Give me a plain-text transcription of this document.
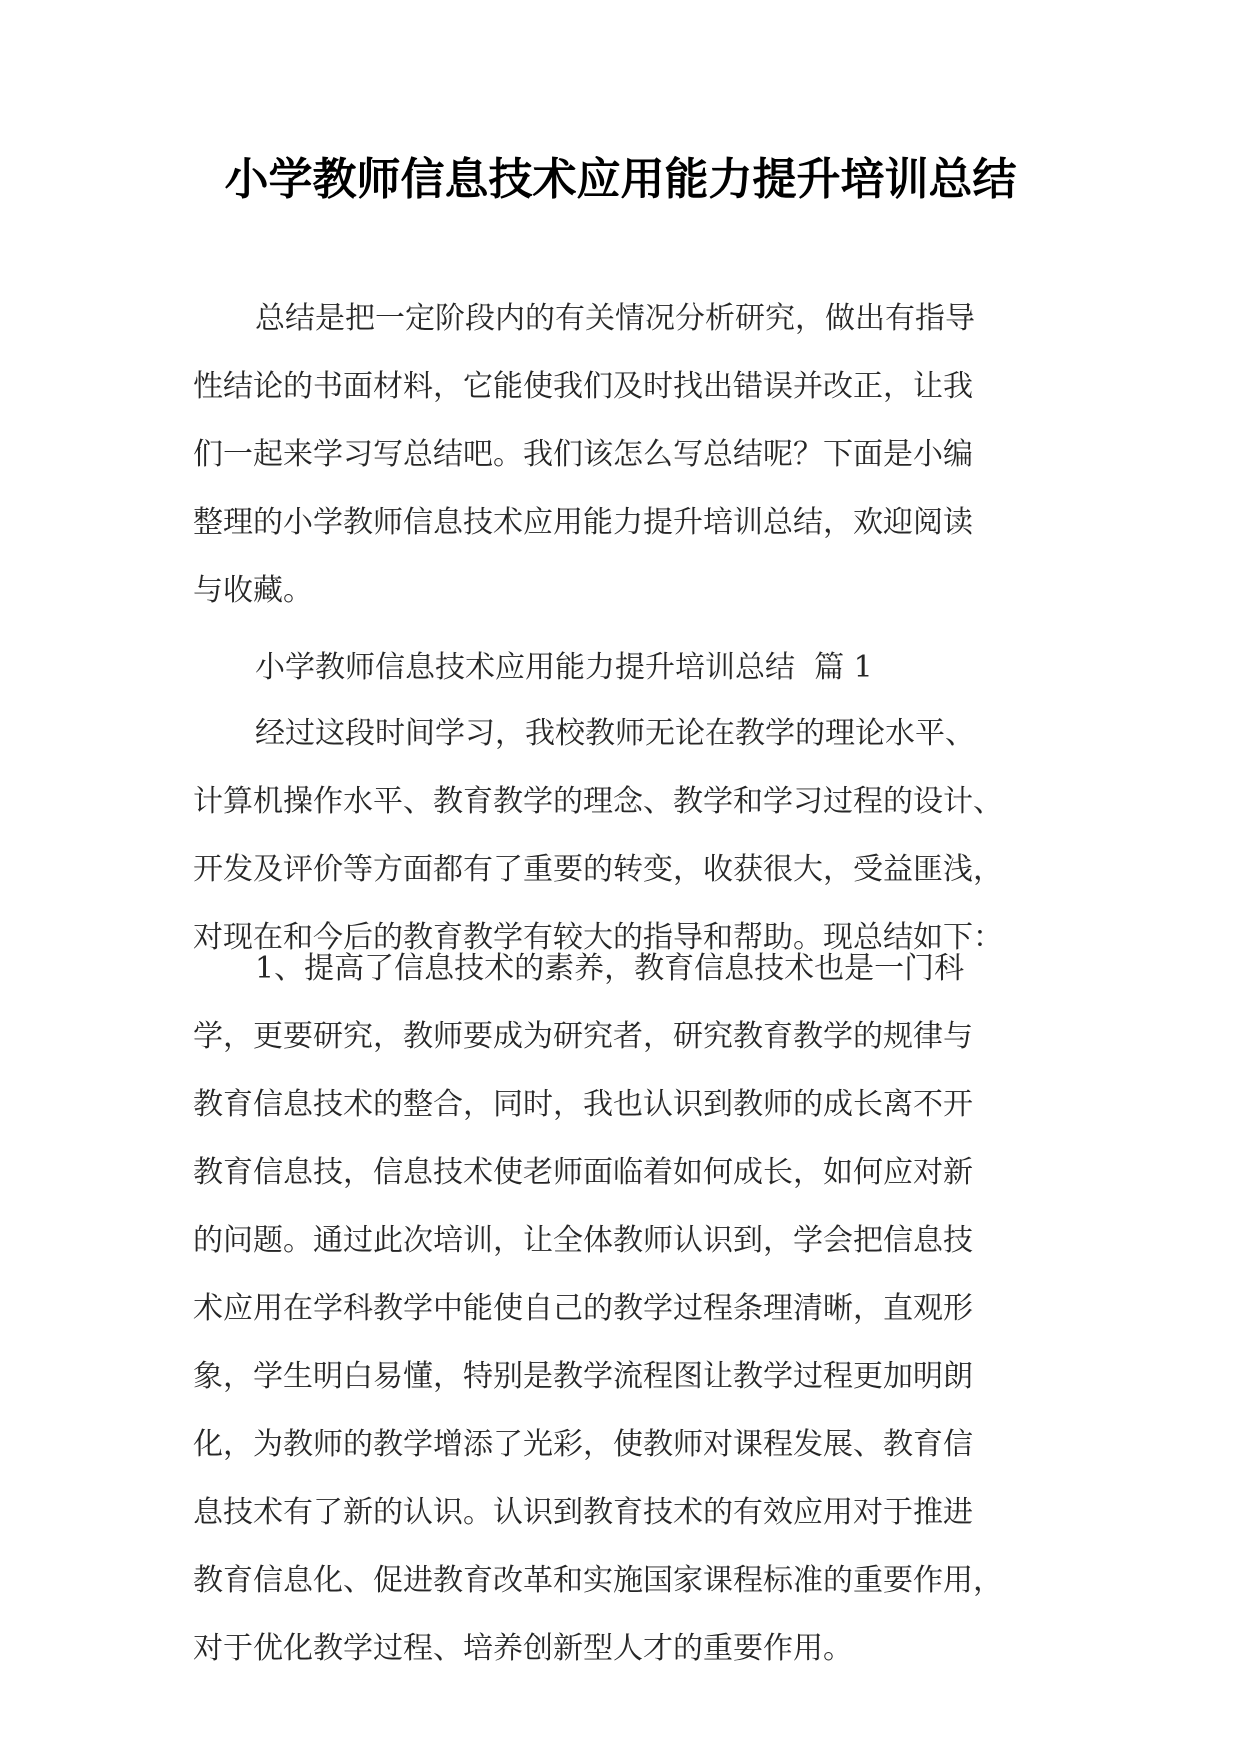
小学教师信息技术应用能力提升培训总结
总结是把一定阶段内的有关情况分析研究，做出有指导
性结论的书面材料，它能使我们及时找出错误并改正，让我
们一起来学习写总结吧。我们该怎么写总结呢？下面是小编
整理的小学教师信息技术应用能力提升培训总结，欢迎阅读
与收藏。

小学教师信息技术应用能力提升培训总结  篇 1

经过这段时间学习，我校教师无论在教学的理论水平、
计算机操作水平、教育教学的理念、教学和学习过程的设计、
开发及评价等方面都有了重要的转变，收获很大，受益匪浅，
对现在和今后的教育教学有较大的指导和帮助。现总结如下：
1、提高了信息技术的素养，教育信息技术也是一门科
学，更要研究，教师要成为研究者，研究教育教学的规律与
教育信息技术的整合，同时，我也认识到教师的成长离不开
教育信息技，信息技术使老师面临着如何成长，如何应对新
的问题。通过此次培训，让全体教师认识到，学会把信息技
术应用在学科教学中能使自己的教学过程条理清晰，直观形
象，学生明白易懂，特别是教学流程图让教学过程更加明朗
化，为教师的教学增添了光彩，使教师对课程发展、教育信
息技术有了新的认识。认识到教育技术的有效应用对于推进
教育信息化、促进教育改革和实施国家课程标准的重要作用，
对于优化教学过程、培养创新型人才的重要作用。
